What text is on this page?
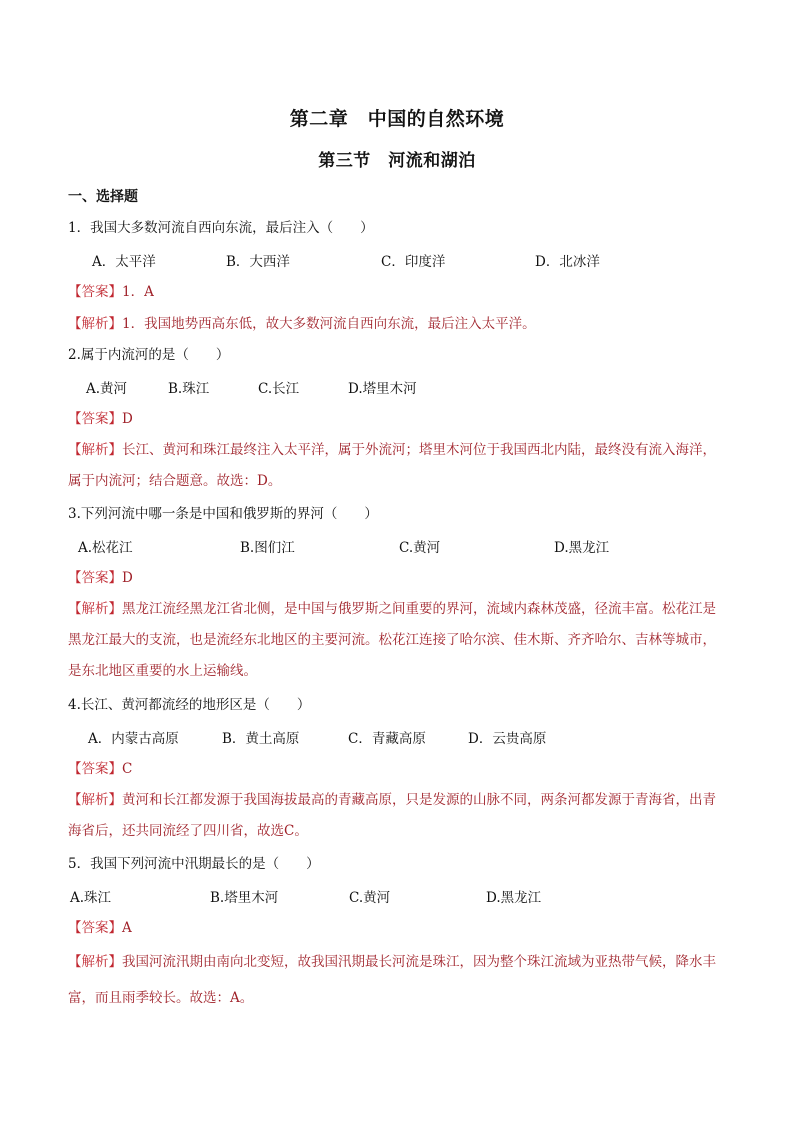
第二章　中国的自然环境
第三节　河流和湖泊
一、选择题
1．我国大多数河流自西向东流，最后注入（　　）
A．太平洋	B．大西洋	C．印度洋	D．北冰洋
【答案】1．A
【解析】1．我国地势西高东低，故大多数河流自西向东流，最后注入太平洋。
2.属于内流河的是（　　）
A.黄河	B.珠江	C.长江	D.塔里木河
【答案】D
【解析】长江、黄河和珠江最终注入太平洋，属于外流河；塔里木河位于我国西北内陆，最终没有流入海洋，属于内流河；结合题意。故选：D。
3.下列河流中哪一条是中国和俄罗斯的界河（　　）
A.松花江	B.图们江	C.黄河	D.黑龙江
【答案】D
【解析】黑龙江流经黑龙江省北侧，是中国与俄罗斯之间重要的界河，流域内森林茂盛，径流丰富。松花江是黑龙江最大的支流，也是流经东北地区的主要河流。松花江连接了哈尔滨、佳木斯、齐齐哈尔、吉林等城市，是东北地区重要的水上运输线。
4.长江、黄河都流经的地形区是（　　）
A．内蒙古高原	B．黄土高原	C．青藏高原	D．云贵高原
【答案】C
【解析】黄河和长江都发源于我国海拔最高的青藏高原，只是发源的山脉不同，两条河都发源于青海省，出青海省后，还共同流经了四川省，故选C。
5．我国下列河流中汛期最长的是（　　）
A.珠江	B.塔里木河	C.黄河	D.黑龙江
【答案】A
【解析】我国河流汛期由南向北变短，故我国汛期最长河流是珠江，因为整个珠江流域为亚热带气候，降水丰富，而且雨季较长。故选：A。
